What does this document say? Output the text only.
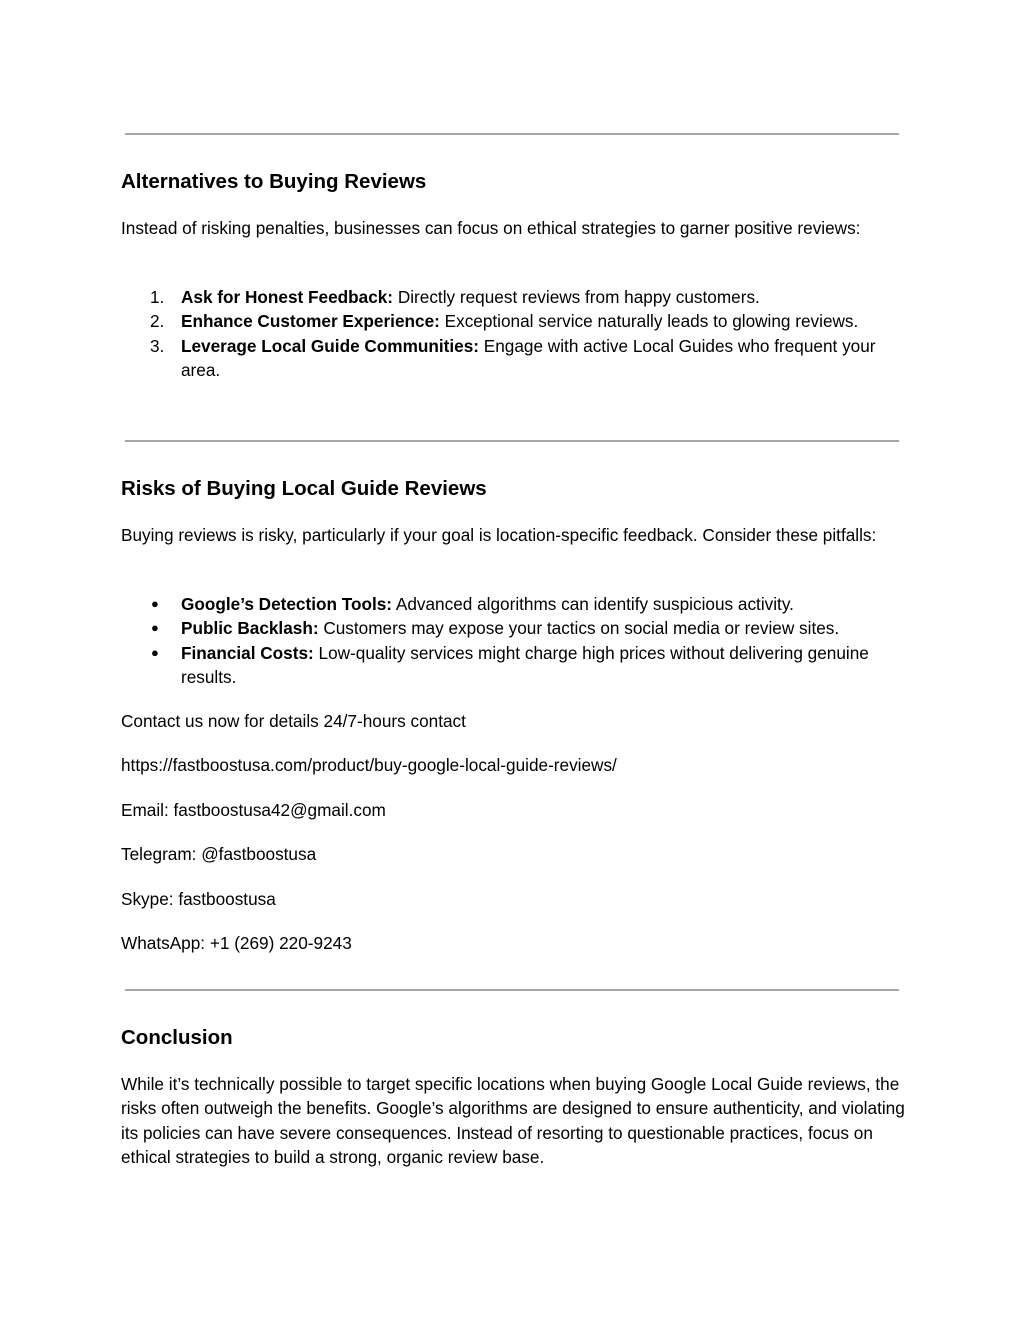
Alternatives to Buying Reviews

Instead of risking penalties, businesses can focus on ethical strategies to garner positive reviews:

1. Ask for Honest Feedback: Directly request reviews from happy customers.
2. Enhance Customer Experience: Exceptional service naturally leads to glowing reviews.
3. Leverage Local Guide Communities: Engage with active Local Guides who frequent your area.
Risks of Buying Local Guide Reviews

Buying reviews is risky, particularly if your goal is location-specific feedback. Consider these pitfalls:

● Google’s Detection Tools: Advanced algorithms can identify suspicious activity.
● Public Backlash: Customers may expose your tactics on social media or review sites.
● Financial Costs: Low-quality services might charge high prices without delivering genuine results.

Contact us now for details 24/7-hours contact

https://fastboostusa.com/product/buy-google-local-guide-reviews/

Email: fastboostusa42@gmail.com

Telegram: @fastboostusa

Skype: fastboostusa

WhatsApp: +1 (269) 220-9243

Conclusion

While it’s technically possible to target specific locations when buying Google Local Guide reviews, the risks often outweigh the benefits. Google’s algorithms are designed to ensure authenticity, and violating its policies can have severe consequences. Instead of resorting to questionable practices, focus on ethical strategies to build a strong, organic review base.
